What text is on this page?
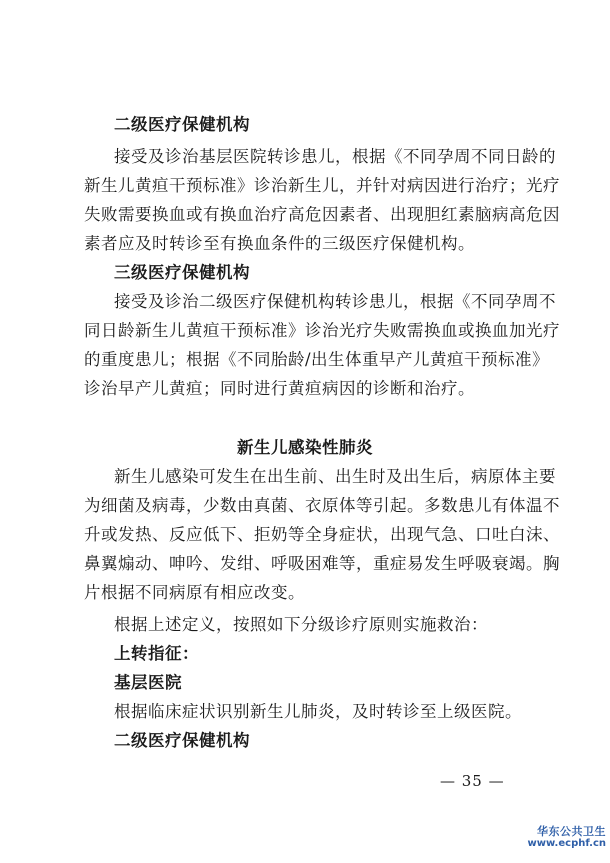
二级医疗保健机构
接受及诊治基层医院转诊患儿，根据《不同孕周不同日龄的
新生儿黄疸干预标准》诊治新生儿，并针对病因进行治疗；光疗
失败需要换血或有换血治疗高危因素者、出现胆红素脑病高危因
素者应及时转诊至有换血条件的三级医疗保健机构。
三级医疗保健机构
接受及诊治二级医疗保健机构转诊患儿，根据《不同孕周不
同日龄新生儿黄疸干预标准》诊治光疗失败需换血或换血加光疗
的重度患儿；根据《不同胎龄/出生体重早产儿黄疸干预标准》
诊治早产儿黄疸；同时进行黄疸病因的诊断和治疗。
新生儿感染性肺炎
新生儿感染可发生在出生前、出生时及出生后，病原体主要
为细菌及病毒，少数由真菌、衣原体等引起。多数患儿有体温不
升或发热、反应低下、拒奶等全身症状，出现气急、口吐白沫、
鼻翼煽动、呻吟、发绀、呼吸困难等，重症易发生呼吸衰竭。胸
片根据不同病原有相应改变。
根据上述定义，按照如下分级诊疗原则实施救治：
上转指征：
基层医院
根据临床症状识别新生儿肺炎，及时转诊至上级医院。
二级医疗保健机构
— 35 —
华东公共卫生
www.ecphf.cn
